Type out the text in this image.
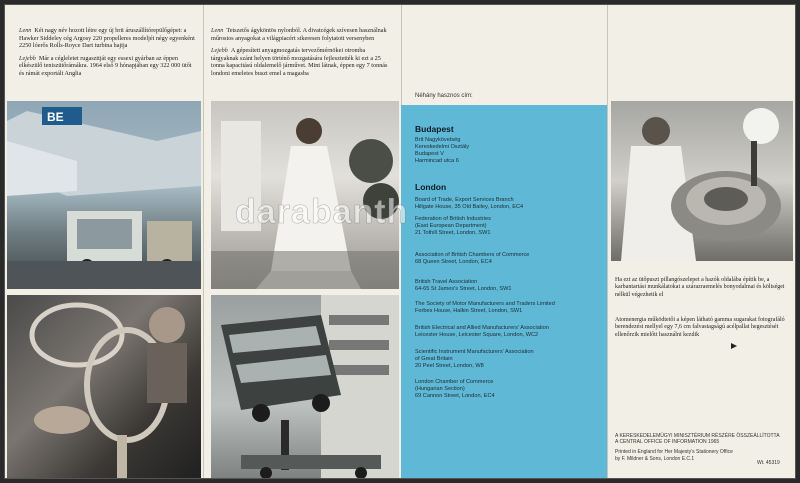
Lenn Két nagy név hozott létre egy új brit áruszállítórepülőgépet: a Hawker Siddeley cég Argosy 220 propelleres modeljét négy egyenként 2250 lóerős Rolls-Royce Dart turbina hajtja

Lejebb Már a cégleletet rugaszttját egy essexi gyárban az éppen elkészülő teniszütőrámákra. 1964 első 9 hónapjában egy 322 000 ütőt és rámát exportált Anglia

Lenn Tetszetős ágyköntös nylonból. A divatcégek szívesen használnak műrostos anyagokat a világpiacért sikeresen folytatott versenyben

Lejebb A gépesített anyagmozgatás tervezőmérnökei otromba tárgyaknak szánt helyen történő mozgatására fejlesztették ki ezt a 25 tonna kapacitású oldalemelő járművet. Mint látnak, éppen egy 7 tonnás londoni emeletes buszt emel a magasba

BE
Néhány hasznos cím:
Budapest
Brit Nagykövetség
Kereskedelmi Osztály
Budapest V
Harmincad utca 6
London
Board of Trade, Export Services Branch
Hillgate House, 35 Old Bailey, London, EC4
Federation of British Industries
(East European Department)
21 Tothill Street, London, SW1
Association of British Chambers of Commerce
68 Queen Street, London, EC4
British Travel Association
64-65 St James's Street, London, SW1
The Society of Motor Manufacturers and Traders Limited
Forbes House, Halkin Street, London, SW1
British Electrical and Allied Manufacturers' Association
Leicester House, Leicester Square, London, WC2
Scientific Instrument Manufacturers' Association
of Great Britain
20 Peel Street, London, W8
London Chamber of Commerce
(Hungarian Section)
69 Cannon Street, London, EC4
Ha ezt az ütőpuszt pillangószelepet a hazók oldalába építik be, a karbantartási munkálatokat a szárazraemelés bonyodalmai és költségei nélkül végezhetik el
Atomenergia működtetői a képen látható gamma sugarakat fotografáló berendezést mellyel egy 7,6 cm falvastagságú acélpallat hegesztését ellenőrzik mielőtt használni kezdik
A KERESKEDELEMÜGYI MINISZTÉRIUM RÉSZÉRE ÖSSZEÁLLÍTOTTA
A CENTRAL OFFICE OF INFORMATION 1965
Printed in England for Her Majesty's Stationery Office
by F. Mildner & Sons, London E.C.1
Wt. 45319
darabanth
